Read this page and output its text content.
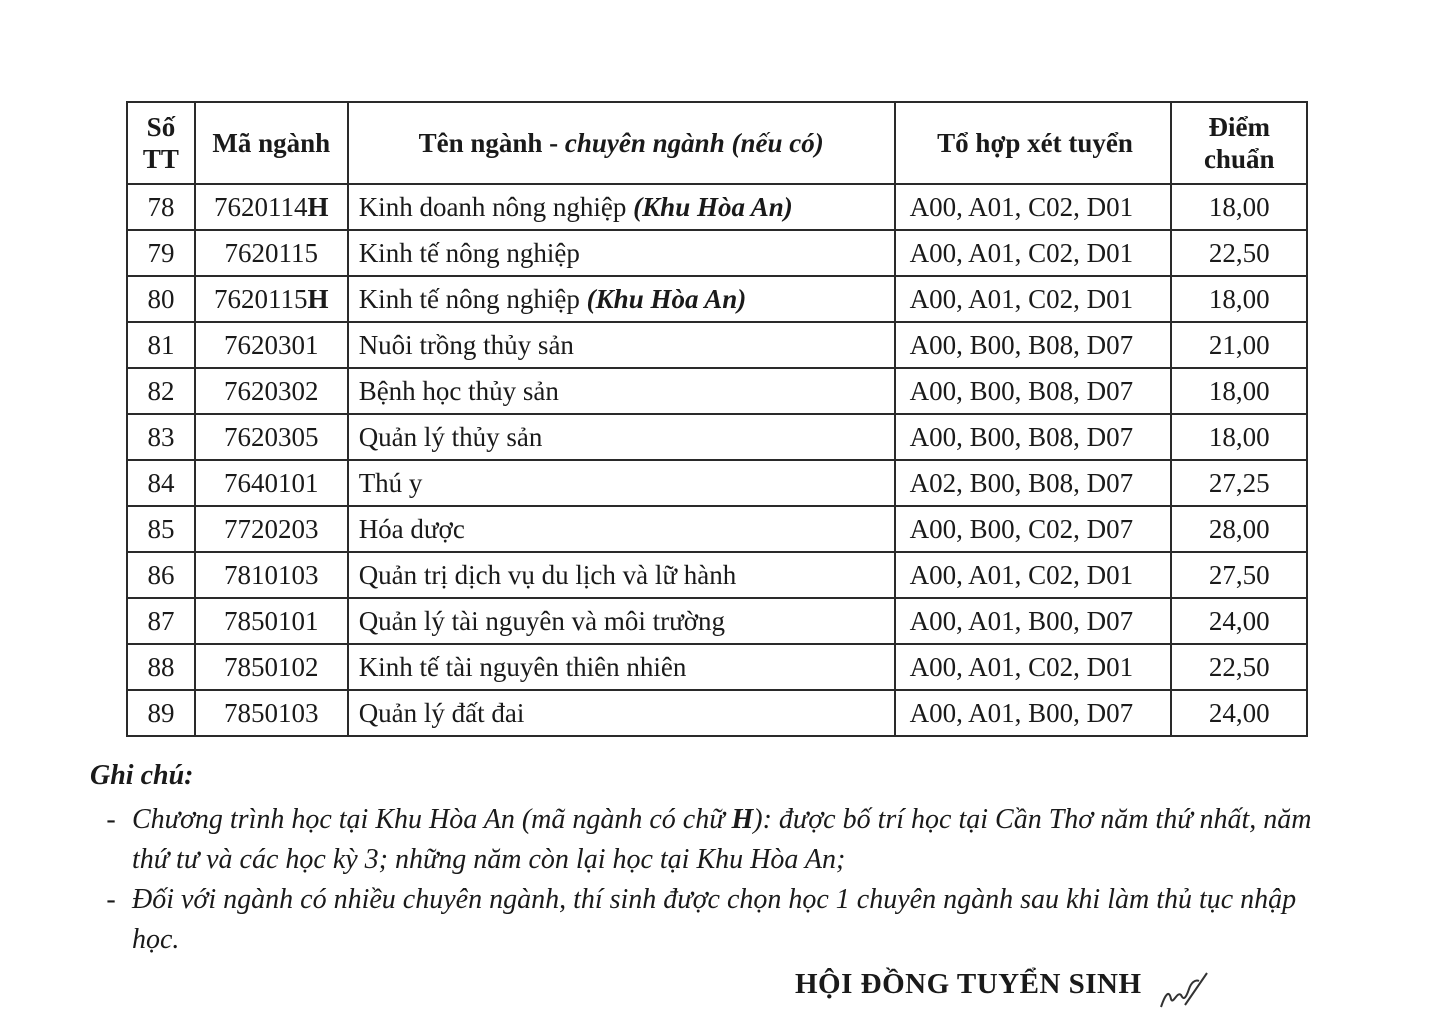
Số TT	Mã ngành	Tên ngành - chuyên ngành (nếu có)	Tổ hợp xét tuyển	Điểm chuẩn
78	7620114H	Kinh doanh nông nghiệp (Khu Hòa An)	A00, A01, C02, D01	18,00
79	7620115	Kinh tế nông nghiệp	A00, A01, C02, D01	22,50
80	7620115H	Kinh tế nông nghiệp (Khu Hòa An)	A00, A01, C02, D01	18,00
81	7620301	Nuôi trồng thủy sản	A00, B00, B08, D07	21,00
82	7620302	Bệnh học thủy sản	A00, B00, B08, D07	18,00
83	7620305	Quản lý thủy sản	A00, B00, B08, D07	18,00
84	7640101	Thú y	A02, B00, B08, D07	27,25
85	7720203	Hóa dược	A00, B00, C02, D07	28,00
86	7810103	Quản trị dịch vụ du lịch và lữ hành	A00, A01, C02, D01	27,50
87	7850101	Quản lý tài nguyên và môi trường	A00, A01, B00, D07	24,00
88	7850102	Kinh tế tài nguyên thiên nhiên	A00, A01, C02, D01	22,50
89	7850103	Quản lý đất đai	A00, A01, B00, D07	24,00
Ghi chú:
- Chương trình học tại Khu Hòa An (mã ngành có chữ H): được bố trí học tại Cần Thơ năm thứ nhất, năm thứ tư và các học kỳ 3; những năm còn lại học tại Khu Hòa An;
- Đối với ngành có nhiều chuyên ngành, thí sinh được chọn học 1 chuyên ngành sau khi làm thủ tục nhập học.
HỘI ĐỒNG TUYỂN SINH
